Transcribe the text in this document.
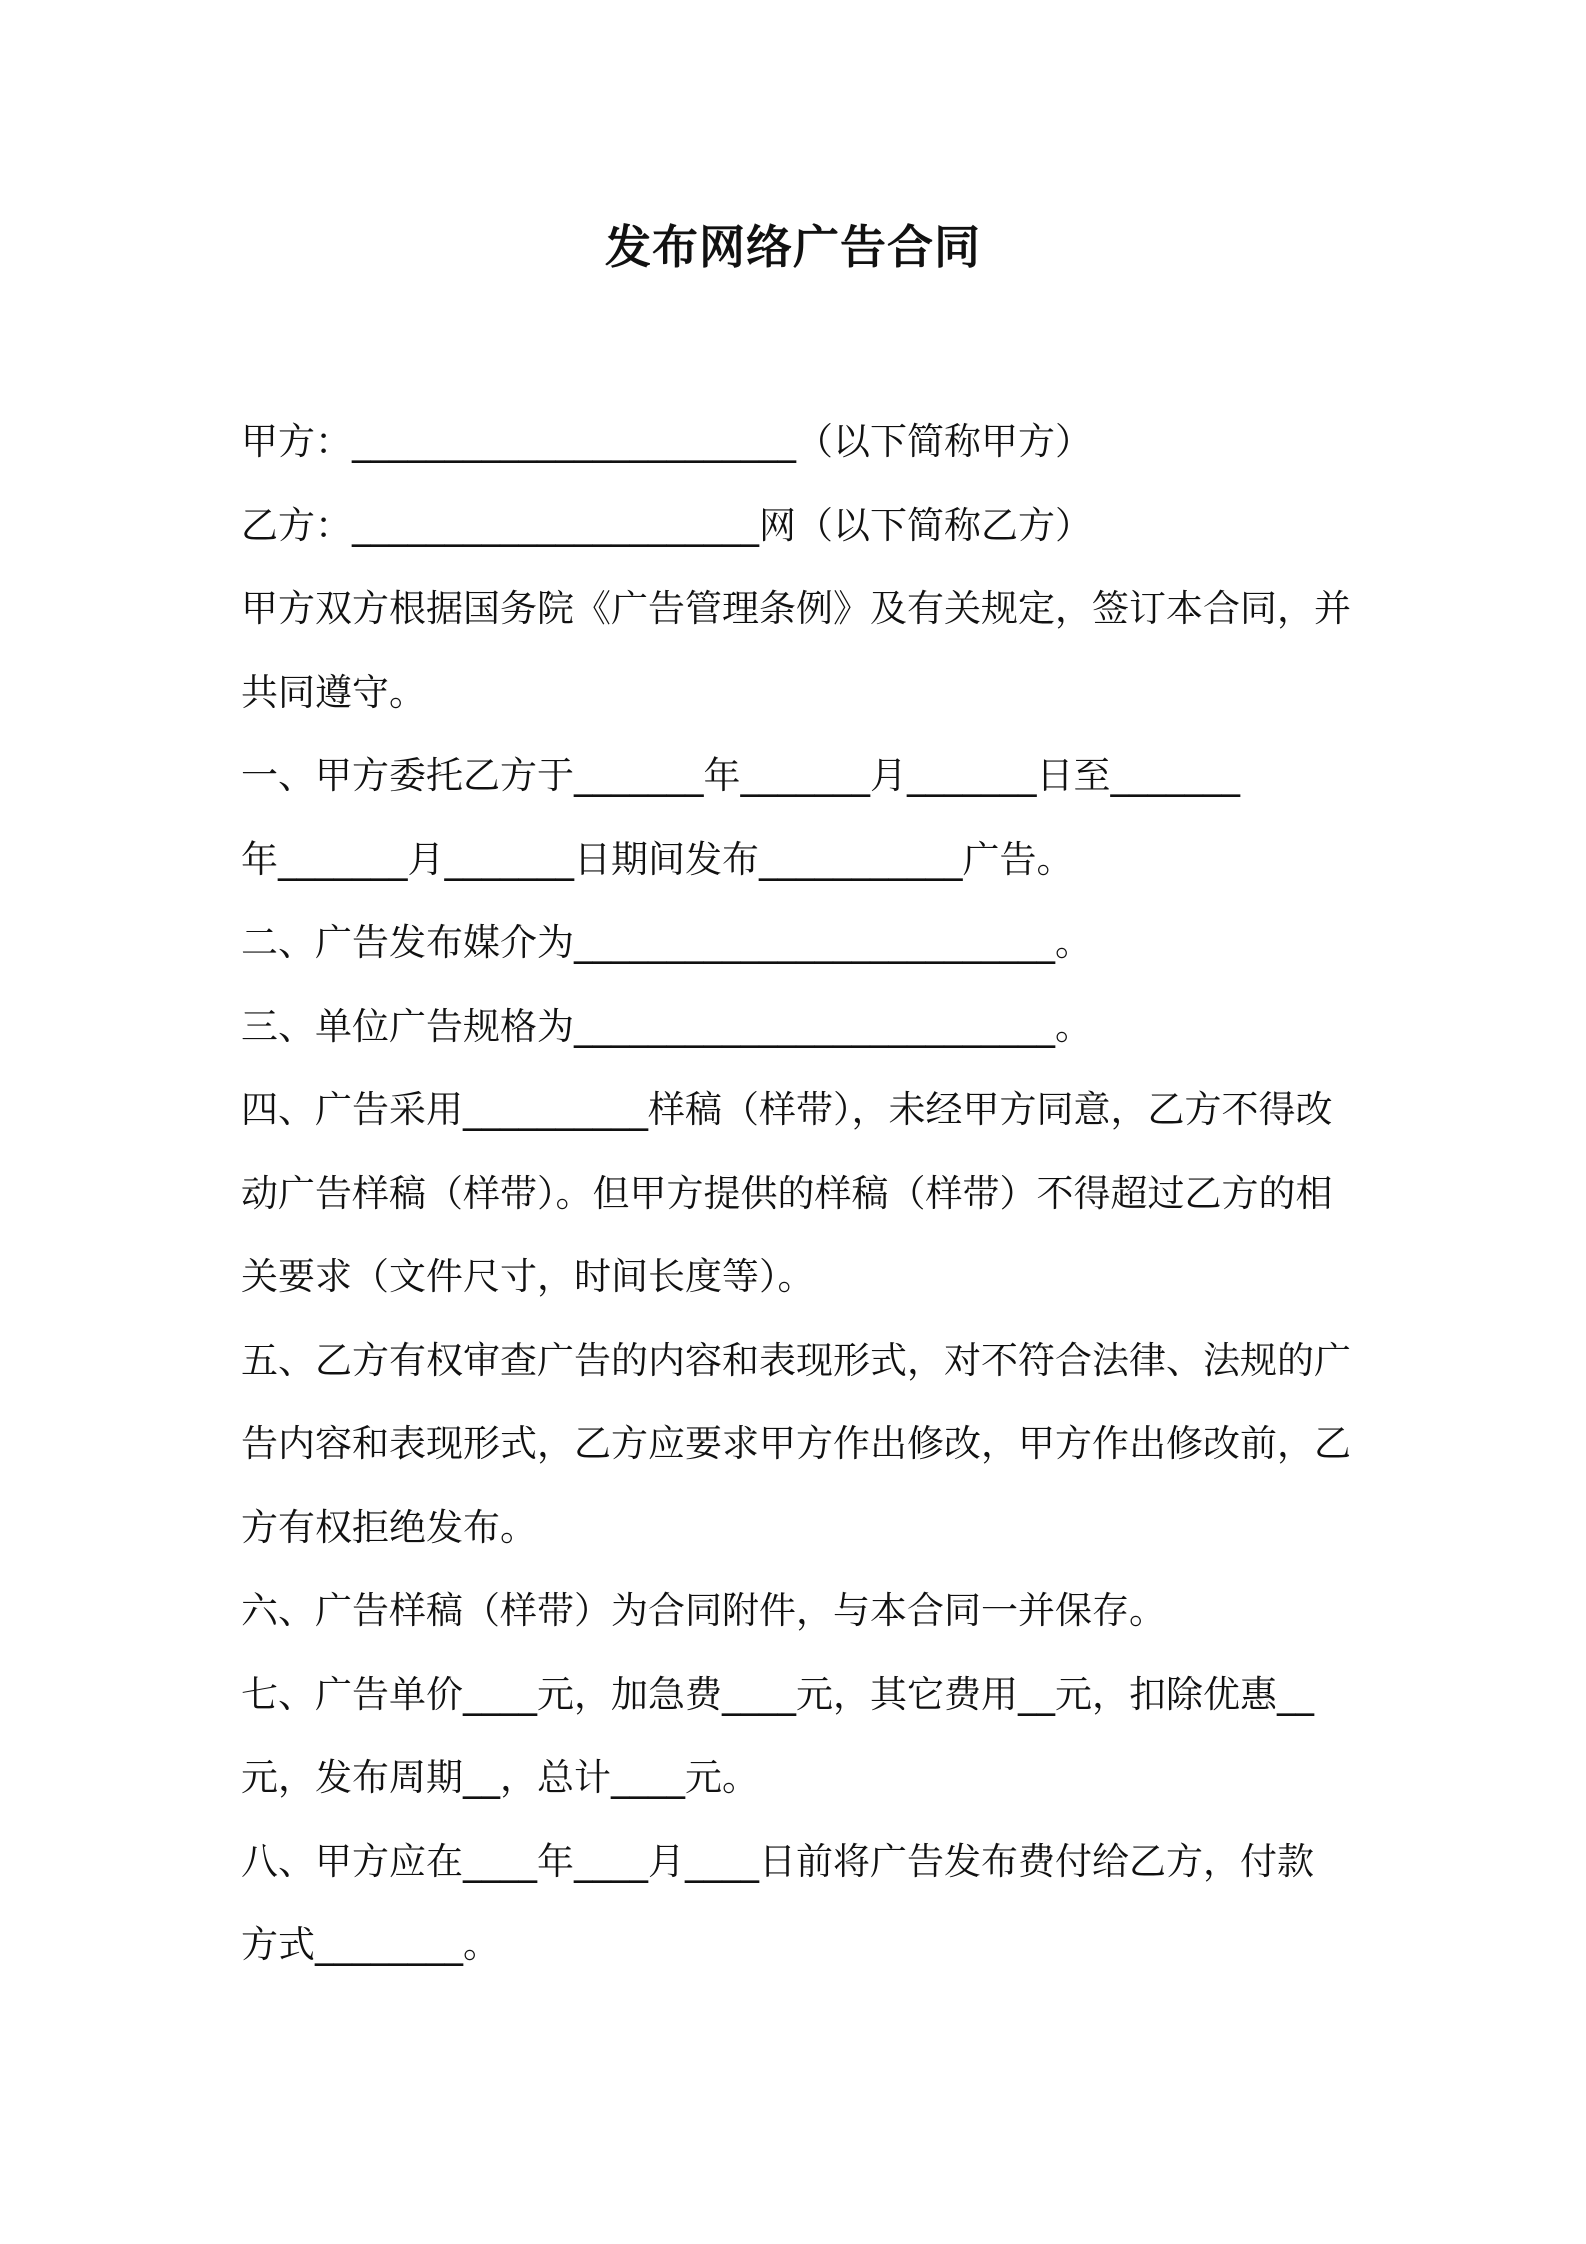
发布网络广告合同
甲方：________________________（以下简称甲方）
乙方：______________________网（以下简称乙方）
甲方双方根据国务院《广告管理条例》及有关规定，签订本合同，并
共同遵守。
一、甲方委托乙方于_______年_______月_______日至_______
年_______月_______日期间发布___________广告。
二、广告发布媒介为__________________________。
三、单位广告规格为__________________________。
四、广告采用__________样稿（样带），未经甲方同意，乙方不得改
动广告样稿（样带）。但甲方提供的样稿（样带）不得超过乙方的相
关要求（文件尺寸，时间长度等）。
五、乙方有权审查广告的内容和表现形式，对不符合法律、法规的广
告内容和表现形式，乙方应要求甲方作出修改，甲方作出修改前，乙
方有权拒绝发布。
六、广告样稿（样带）为合同附件，与本合同一并保存。
七、广告单价____元，加急费____元，其它费用__元，扣除优惠__
元，发布周期__，总计____元。
八、甲方应在____年____月____日前将广告发布费付给乙方，付款
方式________。
